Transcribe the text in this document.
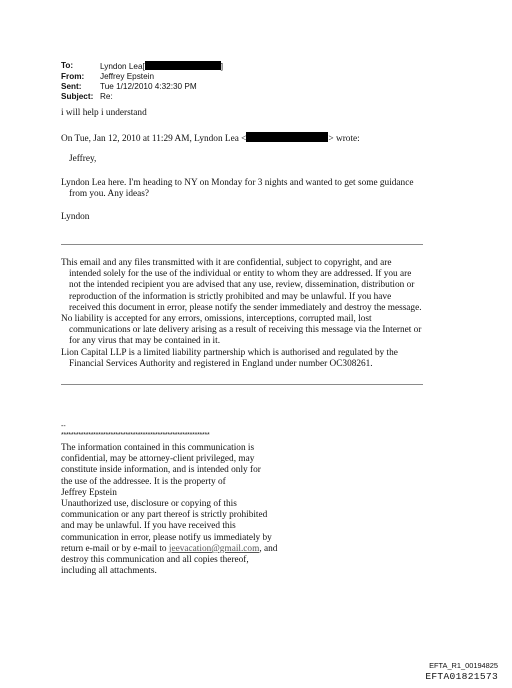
To:	Lyndon Lea[	]
From:	Jeffrey Epstein
Sent:	Tue 1/12/2010 4:32:30 PM
Subject: Re:
i will help i understand
On Tue, Jan 12, 2010 at 11:29 AM, Lyndon Lea <	> wrote:
Jeffrey,
Lyndon Lea here. I'm heading to NY on Monday for 3 nights and wanted to get some guidance
from you. Any ideas?
Lyndon
This email and any files transmitted with it are confidential, subject to copyright, and are
intended solely for the use of the individual or entity to whom they are addressed. If you are
not the intended recipient you are advised that any use, review, dissemination, distribution or
reproduction of the information is strictly prohibited and may be unlawful. If you have
received this document in error, please notify the sender immediately and destroy the message.
No liability is accepted for any errors, omissions, interceptions, corrupted mail, lost
communications or late delivery arising as a result of receiving this message via the Internet or
for any virus that may be contained in it.
Lion Capital LLP is a limited liability partnership which is authorised and regulated by the
Financial Services Authority and registered in England under number OC308261.
--
************************************************************
The information contained in this communication is
confidential, may be attorney-client privileged, may
constitute inside information, and is intended only for
the use of the addressee. It is the property of
Jeffrey Epstein
Unauthorized use, disclosure or copying of this
communication or any part thereof is strictly prohibited
and may be unlawful. If you have received this
communication in error, please notify us immediately by
return e-mail or by e-mail to jeevacation@gmail.com, and
destroy this communication and all copies thereof,
including all attachments.
EFTA_R1_00194825
EFTA01821573
